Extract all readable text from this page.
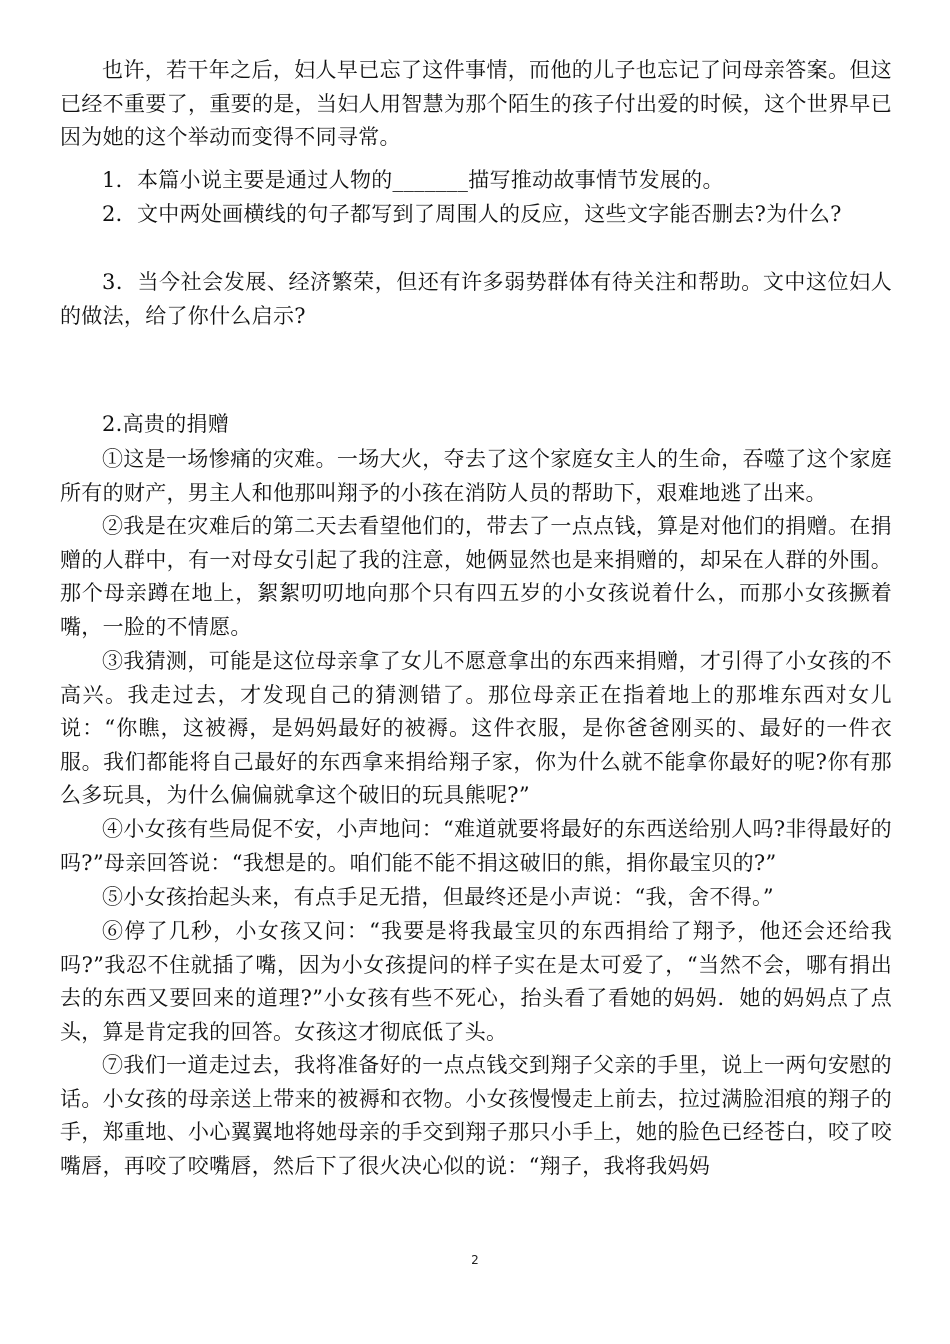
也许，若干年之后，妇人早已忘了这件事情，而他的儿子也忘记了问母亲答案。但这已经不重要了，重要的是，当妇人用智慧为那个陌生的孩子付出爱的时候，这个世界早已因为她的这个举动而变得不同寻常。

1．本篇小说主要是通过人物的_______描写推动故事情节发展的。

2．文中两处画横线的句子都写到了周围人的反应，这些文字能否删去?为什么?

3．当今社会发展、经济繁荣，但还有许多弱势群体有待关注和帮助。文中这位妇人的做法，给了你什么启示?

2.高贵的捐赠

①这是一场惨痛的灾难。一场大火，夺去了这个家庭女主人的生命，吞噬了这个家庭所有的财产，男主人和他那叫翔予的小孩在消防人员的帮助下，艰难地逃了出来。

②我是在灾难后的第二天去看望他们的，带去了一点点钱，算是对他们的捐赠。在捐赠的人群中，有一对母女引起了我的注意，她俩显然也是来捐赠的，却呆在人群的外围。那个母亲蹲在地上，絮絮叨叨地向那个只有四五岁的小女孩说着什么，而那小女孩撅着嘴，一脸的不情愿。

③我猜测，可能是这位母亲拿了女儿不愿意拿出的东西来捐赠，才引得了小女孩的不高兴。我走过去，才发现自己的猜测错了。那位母亲正在指着地上的那堆东西对女儿说：“你瞧，这被褥，是妈妈最好的被褥。这件衣服，是你爸爸刚买的、最好的一件衣服。我们都能将自己最好的东西拿来捐给翔子家，你为什么就不能拿你最好的呢?你有那么多玩具，为什么偏偏就拿这个破旧的玩具熊呢?”

④小女孩有些局促不安，小声地问：“难道就要将最好的东西送给别人吗?非得最好的吗?”母亲回答说：“我想是的。咱们能不能不捐这破旧的熊，捐你最宝贝的?”

⑤小女孩抬起头来，有点手足无措，但最终还是小声说：“我，舍不得。”

⑥停了几秒，小女孩又问：“我要是将我最宝贝的东西捐给了翔予，他还会还给我吗?”我忍不住就插了嘴，因为小女孩提问的样子实在是太可爱了，“当然不会，哪有捐出去的东西又要回来的道理?”小女孩有些不死心，抬头看了看她的妈妈．她的妈妈点了点头，算是肯定我的回答。女孩这才彻底低了头。

⑦我们一道走过去，我将准备好的一点点钱交到翔子父亲的手里，说上一两句安慰的话。小女孩的母亲送上带来的被褥和衣物。小女孩慢慢走上前去，拉过满脸泪痕的翔子的手，郑重地、小心翼翼地将她母亲的手交到翔子那只小手上，她的脸色已经苍白，咬了咬嘴唇，再咬了咬嘴唇，然后下了很火决心似的说：“翔子，我将我妈妈

2
